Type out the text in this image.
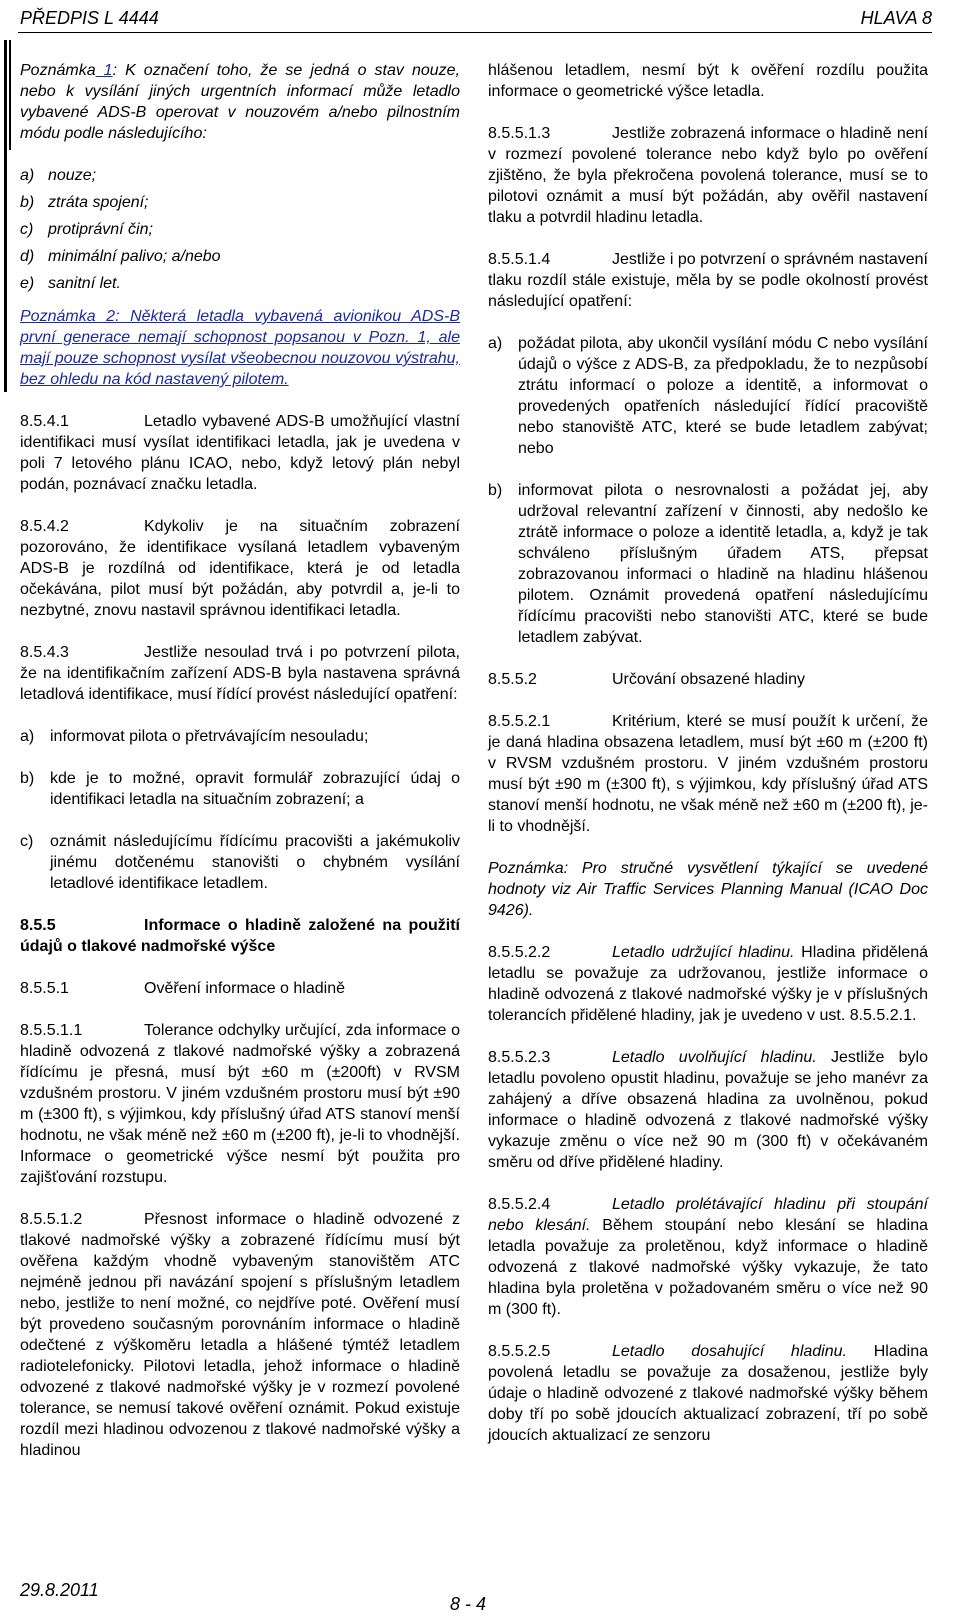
PŘEDPIS L 4444	HLAVA 8

Poznámka 1: K označení toho, že se jedná o stav nouze, nebo k vysílání jiných urgentních informací může letadlo vybavené ADS-B operovat v nouzovém a/nebo pilnostním módu podle následujícího:

a) nouze;
b) ztráta spojení;
c) protiprávní čin;
d) minimální palivo; a/nebo
e) sanitní let.

Poznámka 2: Některá letadla vybavená avionikou ADS-B první generace nemají schopnost popsanou v Pozn. 1, ale mají pouze schopnost vysílat všeobecnou nouzovou výstrahu, bez ohledu na kód nastavený pilotem.

8.5.4.1	Letadlo vybavené ADS-B umožňující vlastní identifikaci musí vysílat identifikaci letadla, jak je uvedena v poli 7 letového plánu ICAO, nebo, když letový plán nebyl podán, poznávací značku letadla.

8.5.4.2	Kdykoliv je na situačním zobrazení pozorováno, že identifikace vysílaná letadlem vybaveným ADS-B je rozdílná od identifikace, která je od letadla očekávána, pilot musí být požádán, aby potvrdil a, je-li to nezbytné, znovu nastavil správnou identifikaci letadla.

8.5.4.3	Jestliže nesoulad trvá i po potvrzení pilota, že na identifikačním zařízení ADS-B byla nastavena správná letadlová identifikace, musí řídící provést následující opatření:

a) informovat pilota o přetrvávajícím nesouladu;
b) kde je to možné, opravit formulář zobrazující údaj o identifikaci letadla na situačním zobrazení; a
c)	oznámit následujícímu řídícímu pracovišti a jakémukoliv jinému dotčenému stanovišti o chybném vysílání letadlové identifikace letadlem.

8.5.5	Informace o hladině založené na použití údajů o tlakové nadmořské výšce

8.5.5.1	Ověření informace o hladině

8.5.5.1.1	Tolerance odchylky určující, zda informace o hladině odvozená z tlakové nadmořské výšky a zobrazená řídícímu je přesná, musí být ±60 m (±200ft) v RVSM vzdušném prostoru. V jiném vzdušném prostoru musí být ±90 m (±300 ft), s výjimkou, kdy příslušný úřad ATS stanoví menší hodnotu, ne však méně než ±60 m (±200 ft), je-li to vhodnější. Informace o geometrické výšce nesmí být použita pro zajišťování rozstupu.

8.5.5.1.2	Přesnost informace o hladině odvozené z tlakové nadmořské výšky a zobrazené řídícímu musí být ověřena každým vhodně vybaveným stanovištěm ATC nejméně jednou při navázání spojení s příslušným letadlem nebo, jestliže to není možné, co nejdříve poté. Ověření musí být provedeno současným porovnáním informace o hladině odečtené z výškoměru letadla a hlášené týmtéž letadlem radiotelefonicky. Pilotovi letadla, jehož informace o hladině odvozené z tlakové nadmořské výšky je v rozmezí povolené tolerance, se nemusí takové ověření oznámit. Pokud existuje rozdíl mezi hladinou odvozenou z tlakové nadmořské výšky a hladinou

hlášenou letadlem, nesmí být k ověření rozdílu použita informace o geometrické výšce letadla.

8.5.5.1.3	Jestliže zobrazená informace o hladině není v rozmezí povolené tolerance nebo když bylo po ověření zjištěno, že byla překročena povolená tolerance, musí se to pilotovi oznámit a musí být požádán, aby ověřil nastavení tlaku a potvrdil hladinu letadla.

8.5.5.1.4	Jestliže i po potvrzení o správném nastavení tlaku rozdíl stále existuje, měla by se podle okolností provést následující opatření:

a) požádat pilota, aby ukončil vysílání módu C nebo vysílání údajů o výšce z ADS-B, za předpokladu, že to nezpůsobí ztrátu informací o poloze a identitě, a informovat o provedených opatřeních následující řídící pracoviště nebo stanoviště ATC, které se bude letadlem zabývat; nebo
b) informovat pilota o nesrovnalosti a požádat jej, aby udržoval relevantní zařízení v činnosti, aby nedošlo ke ztrátě informace o poloze a identitě letadla, a, když je tak schváleno příslušným úřadem ATS, přepsat zobrazovanou informaci o hladině na hladinu hlášenou pilotem. Oznámit provedená opatření následujícímu řídícímu pracovišti nebo stanovišti ATC, které se bude letadlem zabývat.

8.5.5.2	Určování obsazené hladiny

8.5.5.2.1	Kritérium, které se musí použít k určení, že je daná hladina obsazena letadlem, musí být ±60 m (±200 ft) v RVSM vzdušném prostoru. V jiném vzdušném prostoru musí být ±90 m (±300 ft), s výjimkou, kdy příslušný úřad ATS stanoví menší hodnotu, ne však méně než ±60 m (±200 ft), je-li to vhodnější.

Poznámka: Pro stručné vysvětlení týkající se uvedené hodnoty viz Air Traffic Services Planning Manual (ICAO Doc 9426).

8.5.5.2.2	Letadlo udržující hladinu. Hladina přidělená letadlu se považuje za udržovanou, jestliže informace o hladině odvozená z tlakové nadmořské výšky je v příslušných tolerancích přidělené hladiny, jak je uvedeno v ust. 8.5.5.2.1.

8.5.5.2.3	Letadlo uvolňující hladinu. Jestliže bylo letadlu povoleno opustit hladinu, považuje se jeho manévr za zahájený a dříve obsazená hladina za uvolněnou, pokud informace o hladině odvozená z tlakové nadmořské výšky vykazuje změnu o více než 90 m (300 ft) v očekávaném směru od dříve přidělené hladiny.

8.5.5.2.4	Letadlo prolétávající hladinu při stoupání nebo klesání. Během stoupání nebo klesání se hladina letadla považuje za proletěnou, když informace o hladině odvozená z tlakové nadmořské výšky vykazuje, že tato hladina byla proletěna v požadovaném směru o více než 90 m (300 ft).

8.5.5.2.5	Letadlo dosahující hladinu. Hladina povolená letadlu se považuje za dosaženou, jestliže byly údaje o hladině odvozené z tlakové nadmořské výšky během doby tří po sobě jdoucích aktualizací zobrazení, tří po sobě jdoucích aktualizací ze senzoru

29.8.2011
8 - 4
